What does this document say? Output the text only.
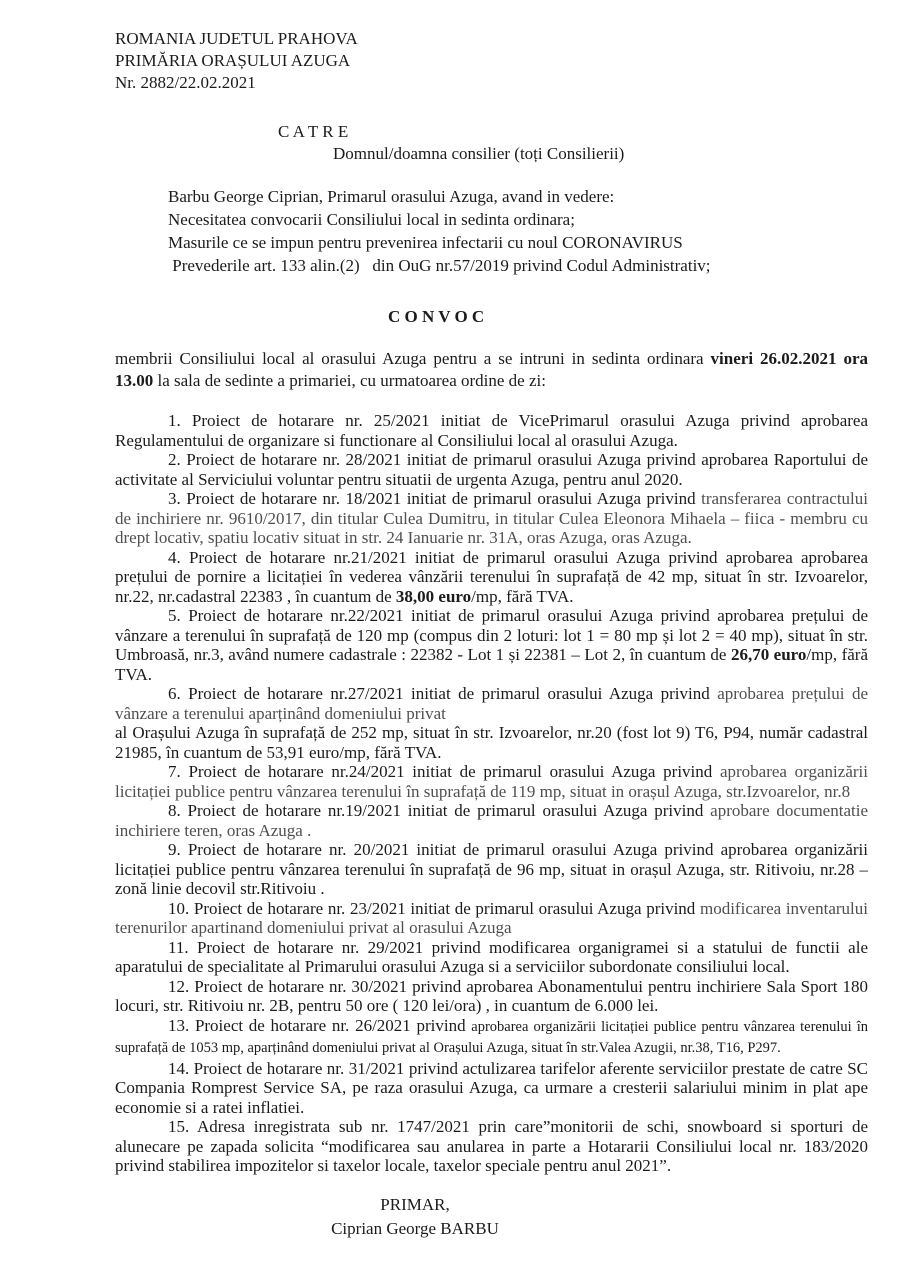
ROMANIA JUDETUL PRAHOVA
PRIMĂRIA ORAȘULUI AZUGA
Nr. 2882/22.02.2021
C A T R E
Domnul/doamna consilier (toți Consilierii)
Barbu George Ciprian, Primarul orasului Azuga, avand in vedere:
Necesitatea convocarii Consiliului local in sedinta ordinara;
Masurile ce se impun pentru prevenirea infectarii cu noul CORONAVIRUS
Prevederile art. 133 alin.(2)   din OuG nr.57/2019 privind Codul Administrativ;
C O N V O C
membrii Consiliului local al orasului Azuga pentru a se intruni in sedinta ordinara vineri 26.02.2021 ora 13.00 la sala de sedinte a primariei, cu urmatoarea ordine de zi:

1. Proiect de hotarare nr. 25/2021 initiat de VicePrimarul orasului Azuga privind aprobarea Regulamentului de organizare si functionare al Consiliului local al orasului Azuga.

2. Proiect de hotarare nr. 28/2021 initiat de primarul orasului Azuga privind aprobarea Raportului de activitate al Serviciului voluntar pentru situatii de urgenta Azuga, pentru anul 2020.

3. Proiect de hotarare nr. 18/2021 initiat de primarul orasului Azuga privind transferarea contractului de inchiriere nr. 9610/2017, din titular Culea Dumitru, in titular Culea Eleonora Mihaela – fiica - membru cu drept locativ, spatiu locativ situat in str. 24 Ianuarie nr. 31A, oras Azuga, oras Azuga.

4. Proiect de hotarare nr.21/2021 initiat de primarul orasului Azuga privind aprobarea aprobarea prețului de pornire a licitației în vederea vânzării terenului în suprafață de 42 mp, situat în str. Izvoarelor, nr.22, nr.cadastral 22383 , în cuantum de 38,00 euro/mp, fără TVA.

5. Proiect de hotarare nr.22/2021 initiat de primarul orasului Azuga privind aprobarea prețului de vânzare a terenului în suprafață de 120 mp (compus din 2 loturi: lot 1 = 80 mp și lot 2 = 40 mp), situat în str. Umbroasă, nr.3, având numere cadastrale : 22382 - Lot 1 și 22381 – Lot 2, în cuantum de 26,70 euro/mp, fără TVA.

6. Proiect de hotarare nr.27/2021 initiat de primarul orasului Azuga privind aprobarea prețului de vânzare a terenului aparținând domeniului privat
al Orașului Azuga în suprafață de 252 mp, situat în str. Izvoarelor, nr.20 (fost lot 9) T6, P94, număr cadastral 21985, în cuantum de 53,91 euro/mp, fără TVA.

7. Proiect de hotarare nr.24/2021 initiat de primarul orasului Azuga privind aprobarea organizării licitației publice pentru vânzarea terenului în suprafață de 119 mp, situat in orașul Azuga, str.Izvoarelor, nr.8

8. Proiect de hotarare nr.19/2021 initiat de primarul orasului Azuga privind aprobare documentatie inchiriere teren, oras Azuga .

9. Proiect de hotarare nr. 20/2021 initiat de primarul orasului Azuga privind aprobarea organizării licitației publice pentru vânzarea terenului în suprafață de 96 mp, situat in orașul Azuga, str. Ritivoiu, nr.28 – zonă linie decovil str.Ritivoiu .

10. Proiect de hotarare nr. 23/2021 initiat de primarul orasului Azuga privind modificarea inventarului terenurilor apartinand domeniului privat al orasului Azuga

11. Proiect de hotarare nr. 29/2021 privind modificarea organigramei si a statului de functii ale aparatului de specialitate al Primarului orasului Azuga si a serviciilor subordonate consiliului local.

12. Proiect de hotarare nr. 30/2021 privind aprobarea Abonamentului pentru inchiriere Sala Sport 180 locuri, str. Ritivoiu nr. 2B, pentru 50 ore ( 120 lei/ora) , in cuantum de 6.000 lei.

13. Proiect de hotarare nr. 26/2021 privind aprobarea organizării licitației publice pentru vânzarea terenului în suprafață de 1053 mp, aparținând domeniului privat al Orașului Azuga, situat în str.Valea Azugii, nr.38, T16, P297.

14. Proiect de hotarare nr. 31/2021 privind actulizarea tarifelor aferente serviciilor prestate de catre SC Compania Romprest Service SA, pe raza orasului Azuga, ca urmare a cresterii salariului minim in plat ape economie si a ratei inflatiei.

15. Adresa inregistrata sub nr. 1747/2021 prin care”monitorii de schi, snowboard si sporturi de alunecare pe zapada solicita “modificarea sau anularea in parte a Hotararii Consiliului local nr. 183/2020 privind stabilirea impozitelor si taxelor locale, taxelor speciale pentru anul 2021”.

PRIMAR,
Ciprian George BARBU
